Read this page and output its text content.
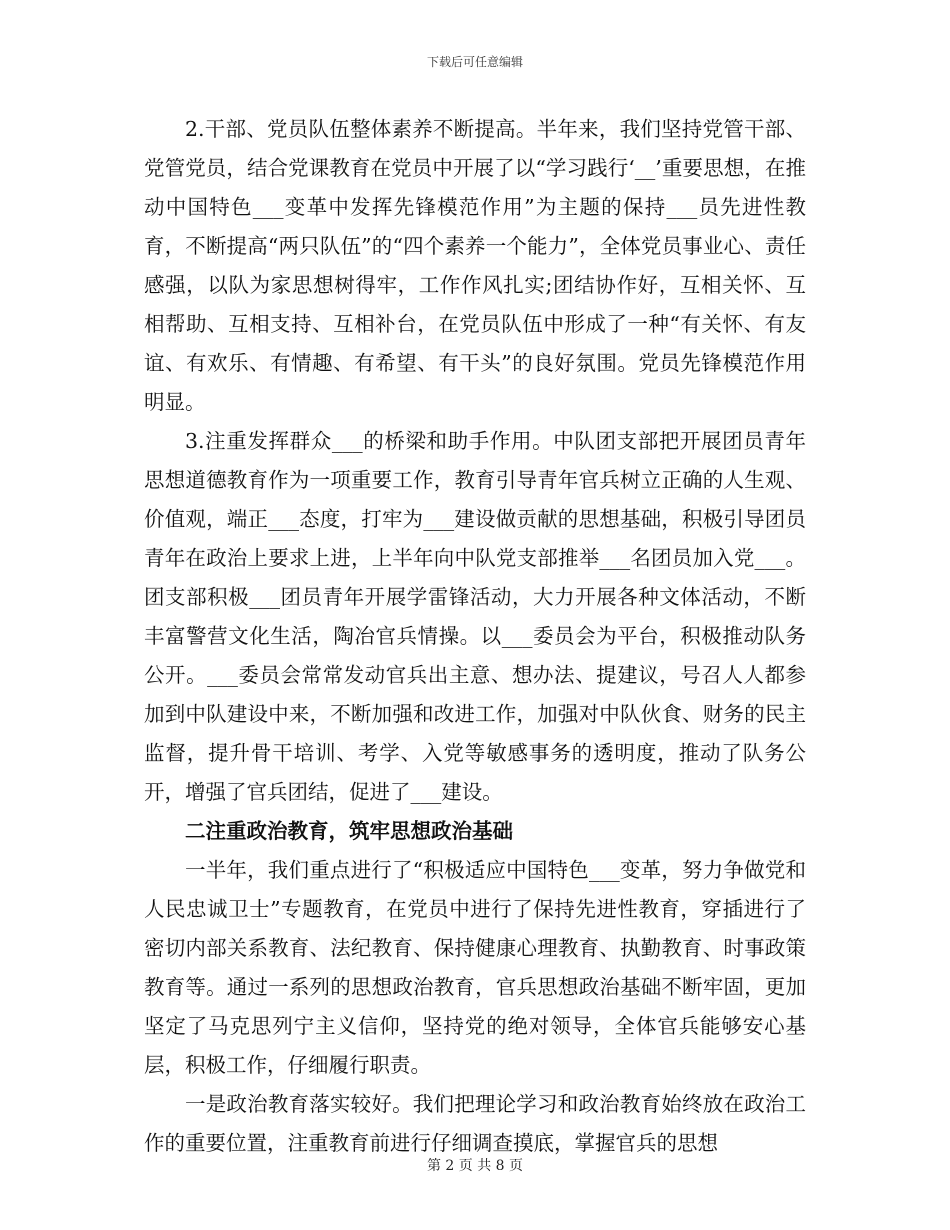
下载后可任意编辑

2.干部、党员队伍整体素养不断提高。半年来，我们坚持党管干部、党管党员，结合党课教育在党员中开展了以“学习践行‘__’重要思想，在推动中国特色___变革中发挥先锋模范作用”为主题的保持___员先进性教育，不断提高“两只队伍”的“四个素养一个能力”，全体党员事业心、责任感强，以队为家思想树得牢，工作作风扎实;团结协作好，互相关怀、互相帮助、互相支持、互相补台，在党员队伍中形成了一种“有关怀、有友谊、有欢乐、有情趣、有希望、有干头”的良好氛围。党员先锋模范作用明显。

3.注重发挥群众___的桥梁和助手作用。中队团支部把开展团员青年思想道德教育作为一项重要工作，教育引导青年官兵树立正确的人生观、价值观，端正___态度，打牢为___建设做贡献的思想基础，积极引导团员青年在政治上要求上进，上半年向中队党支部推举___名团员加入党___。团支部积极___团员青年开展学雷锋活动，大力开展各种文体活动，不断丰富警营文化生活，陶冶官兵情操。以___委员会为平台，积极推动队务公开。___委员会常常发动官兵出主意、想办法、提建议，号召人人都参加到中队建设中来，不断加强和改进工作，加强对中队伙食、财务的民主监督，提升骨干培训、考学、入党等敏感事务的透明度，推动了队务公开，增强了官兵团结，促进了___建设。

二注重政治教育，筑牢思想政治基础

一半年，我们重点进行了“积极适应中国特色___变革，努力争做党和人民忠诚卫士”专题教育，在党员中进行了保持先进性教育，穿插进行了密切内部关系教育、法纪教育、保持健康心理教育、执勤教育、时事政策教育等。通过一系列的思想政治教育，官兵思想政治基础不断牢固，更加坚定了马克思列宁主义信仰，坚持党的绝对领导，全体官兵能够安心基层，积极工作，仔细履行职责。

一是政治教育落实较好。我们把理论学习和政治教育始终放在政治工作的重要位置，注重教育前进行仔细调查摸底，掌握官兵的思想

第 2 页 共 8 页
